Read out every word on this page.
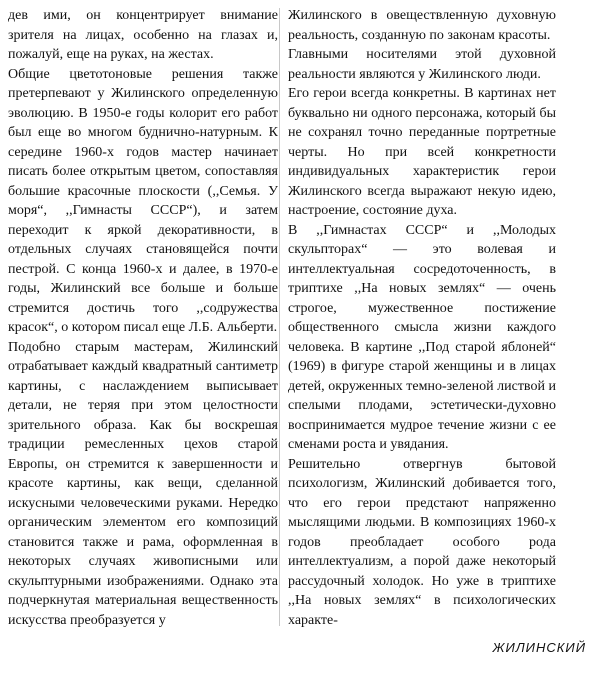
дев ими, он концентрирует внимание зрителя на лицах, особенно на глазах и, пожалуй, еще на руках, на жестах.

Общие цветотоновые решения также претерпевают у Жилинского определенную эволюцию. В 1950-е годы колорит его работ был еще во многом буднично-натурным. К середине 1960-х годов мастер начинает писать более открытым цветом, сопоставляя большие красочные плоскости (,,Семья. У моря“, ,,Гимнасты СССР“), и затем переходит к яркой декоративности, в отдельных случаях становящейся почти пестрой. С конца 1960-х и далее, в 1970-е годы, Жилинский все больше и больше стремится достичь того ,,содружества красок“, о котором писал еще Л.Б. Альберти.

Подобно старым мастерам, Жилинский отрабатывает каждый квадратный сантиметр картины, с наслаждением выписывает детали, не теряя при этом целостности зрительного образа. Как бы воскрешая традиции ремесленных цехов старой Европы, он стремится к завершенности и красоте картины, как вещи, сделанной искусными человеческими руками. Нередко органическим элементом его композиций становится также и рама, оформленная в некоторых случаях живописными или скульптурными изображениями. Однако эта подчеркнутая материальная вещественность искусства преобразуется у

Жилинского в овеществленную духовную реальность, созданную по законам красоты.

Главными носителями этой духовной реальности являются у Жилинского люди.

Его герои всегда конкретны. В картинах нет буквально ни одного персонажа, который бы не сохранял точно переданные портретные черты. Но при всей конкретности индивидуальных характеристик герои Жилинского всегда выражают некую идею, настроение, состояние духа.

В ,,Гимнастах СССР“ и ,,Молодых скульпторах“ — это волевая и интеллектуальная сосредоточенность, в триптихе ,,На новых землях“ — очень строгое, мужественное постижение общественного смысла жизни каждого человека. В картине ,,Под старой яблоней“ (1969) в фигуре старой женщины и в лицах детей, окруженных темно-зеленой листвой и спелыми плодами, эстетически-духовно воспринимается мудрое течение жизни с ее сменами роста и увядания.

Решительно отвергнув бытовой психологизм, Жилинский добивается того, что его герои предстают напряженно мыслящими людьми. В композициях 1960-х годов преобладает особого рода интеллектуализм, а порой даже некоторый рассудочный холодок. Но уже в триптихе ,,На новых землях“ в психологических характе-

ЖИЛИНСКИЙ
